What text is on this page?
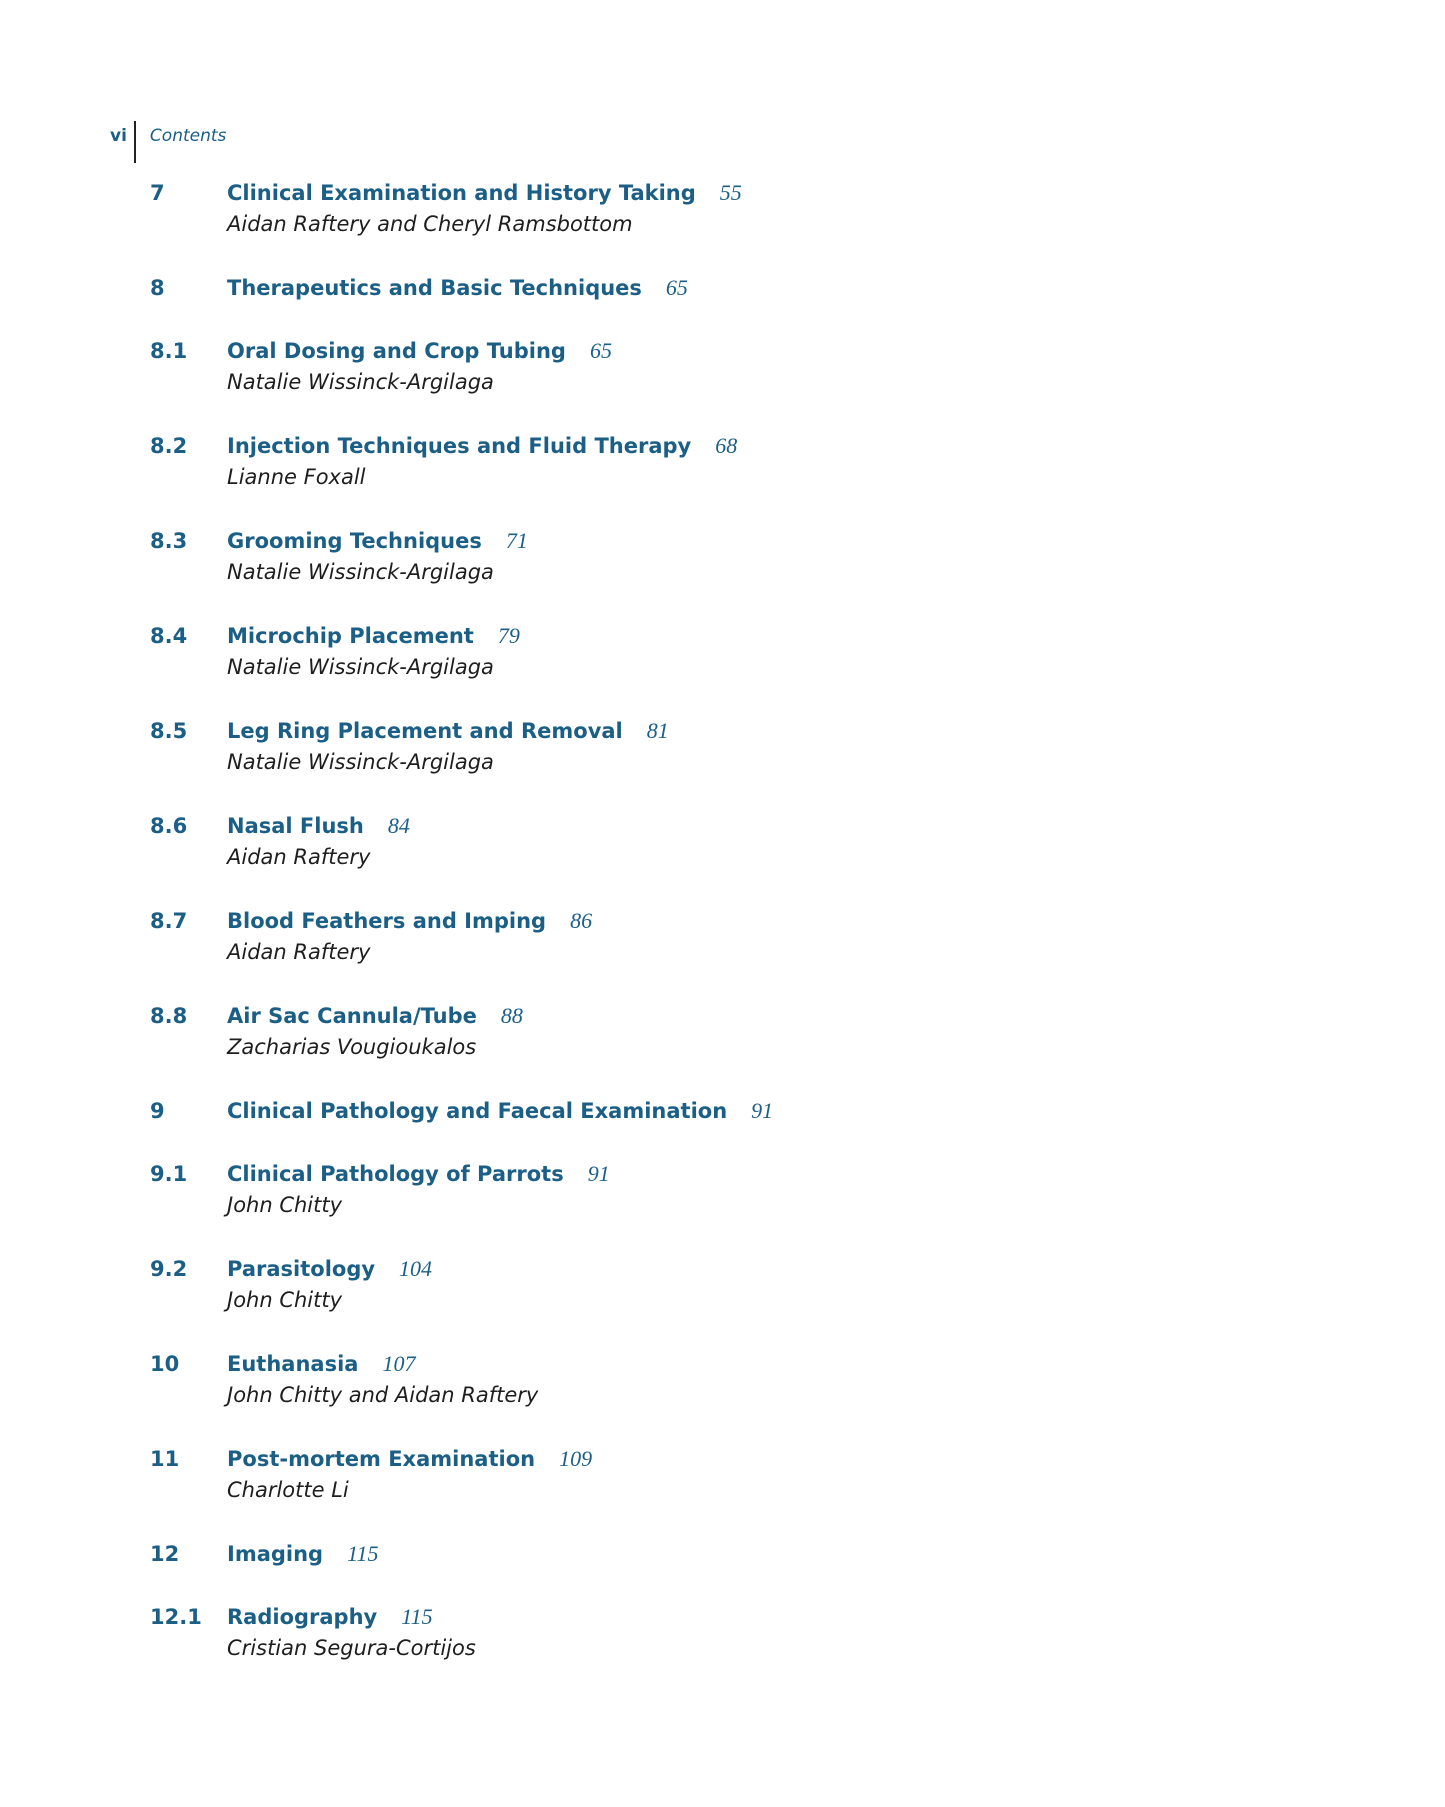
vi	Contents
7	Clinical Examination and History Taking 55
Aidan Raftery and Cheryl Ramsbottom
8	Therapeutics and Basic Techniques 65
8.1	Oral Dosing and Crop Tubing 65
Natalie Wissinck-Argilaga
8.2	Injection Techniques and Fluid Therapy 68
Lianne Foxall
8.3	Grooming Techniques 71
Natalie Wissinck-Argilaga
8.4	Microchip Placement 79
Natalie Wissinck-Argilaga
8.5	Leg Ring Placement and Removal 81
Natalie Wissinck-Argilaga
8.6	Nasal Flush 84
Aidan Raftery
8.7	Blood Feathers and Imping 86
Aidan Raftery
8.8	Air Sac Cannula/Tube 88
Zacharias Vougioukalos
9	Clinical Pathology and Faecal Examination 91
9.1	Clinical Pathology of Parrots 91
John Chitty
9.2	Parasitology 104
John Chitty
10	Euthanasia 107
John Chitty and Aidan Raftery
11	Post-mortem Examination 109
Charlotte Li
12	Imaging 115
12.1	Radiography 115
Cristian Segura-Cortijos
